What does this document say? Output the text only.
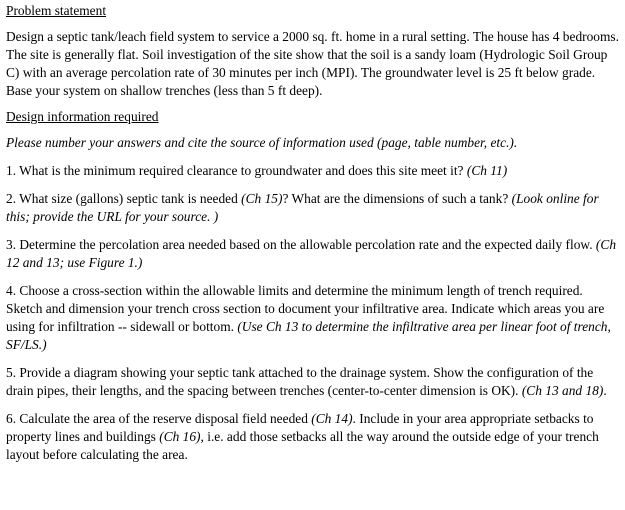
Problem statement
Design a septic tank/leach field system to service a 2000 sq. ft. home in a rural setting. The house has 4 bedrooms. The site is generally flat. Soil investigation of the site show that the soil is a sandy loam (Hydrologic Soil Group C) with an average percolation rate of 30 minutes per inch (MPI). The groundwater level is 25 ft below grade. Base your system on shallow trenches (less than 5 ft deep).
Design information required
Please number your answers and cite the source of information used (page, table number, etc.).
1. What is the minimum required clearance to groundwater and does this site meet it? (Ch 11)
2. What size (gallons) septic tank is needed (Ch 15)? What are the dimensions of such a tank? (Look online for this; provide the URL for your source. )
3. Determine the percolation area needed based on the allowable percolation rate and the expected daily flow. (Ch 12 and 13; use Figure 1.)
4. Choose a cross-section within the allowable limits and determine the minimum length of trench required. Sketch and dimension your trench cross section to document your infiltrative area. Indicate which areas you are using for infiltration -- sidewall or bottom. (Use Ch 13 to determine the infiltrative area per linear foot of trench, SF/LS.)
5. Provide a diagram showing your septic tank attached to the drainage system. Show the configuration of the drain pipes, their lengths, and the spacing between trenches (center-to-center dimension is OK). (Ch 13 and 18).
6. Calculate the area of the reserve disposal field needed (Ch 14). Include in your area appropriate setbacks to property lines and buildings (Ch 16), i.e. add those setbacks all the way around the outside edge of your trench layout before calculating the area.
